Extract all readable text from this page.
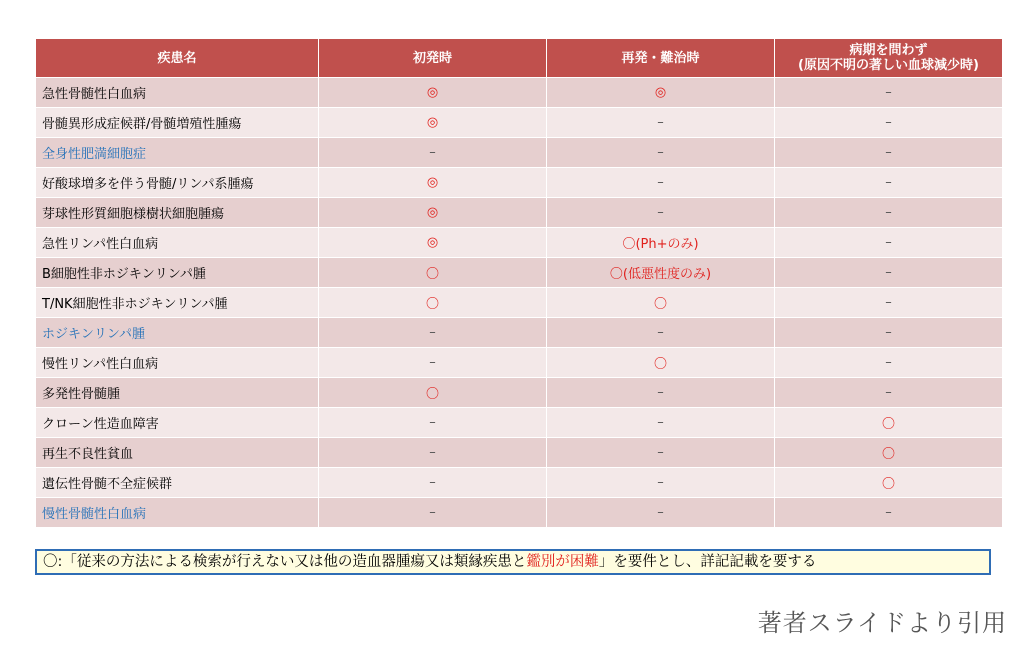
疾患名	初発時	再発・難治時	病期を問わず
(原因不明の著しい血球減少時)

急性骨髄性白血病	◎	◎	–
骨髄異形成症候群/骨髄増殖性腫瘍	◎	–	–
全身性肥満細胞症	–	–	–
好酸球増多を伴う骨髄/リンパ系腫瘍	◎	–	–
芽球性形質細胞様樹状細胞腫瘍	◎	–	–
急性リンパ性白血病	◎	〇(Ph+のみ)	–
B細胞性非ホジキンリンパ腫	〇	〇(低悪性度のみ)	–
T/NK細胞性非ホジキンリンパ腫	〇	〇	–
ホジキンリンパ腫	–	–	–
慢性リンパ性白血病	–	〇	–
多発性骨髄腫	〇	–	–
クローン性造血障害	–	–	〇
再生不良性貧血	–	–	〇
遺伝性骨髄不全症候群	–	–	〇
慢性骨髄性白血病	–	–	–
〇:「従来の方法による検索が行えない又は他の造血器腫瘍又は類縁疾患と鑑別が困難」を要件とし、詳記記載を要する
著者スライドより引用
